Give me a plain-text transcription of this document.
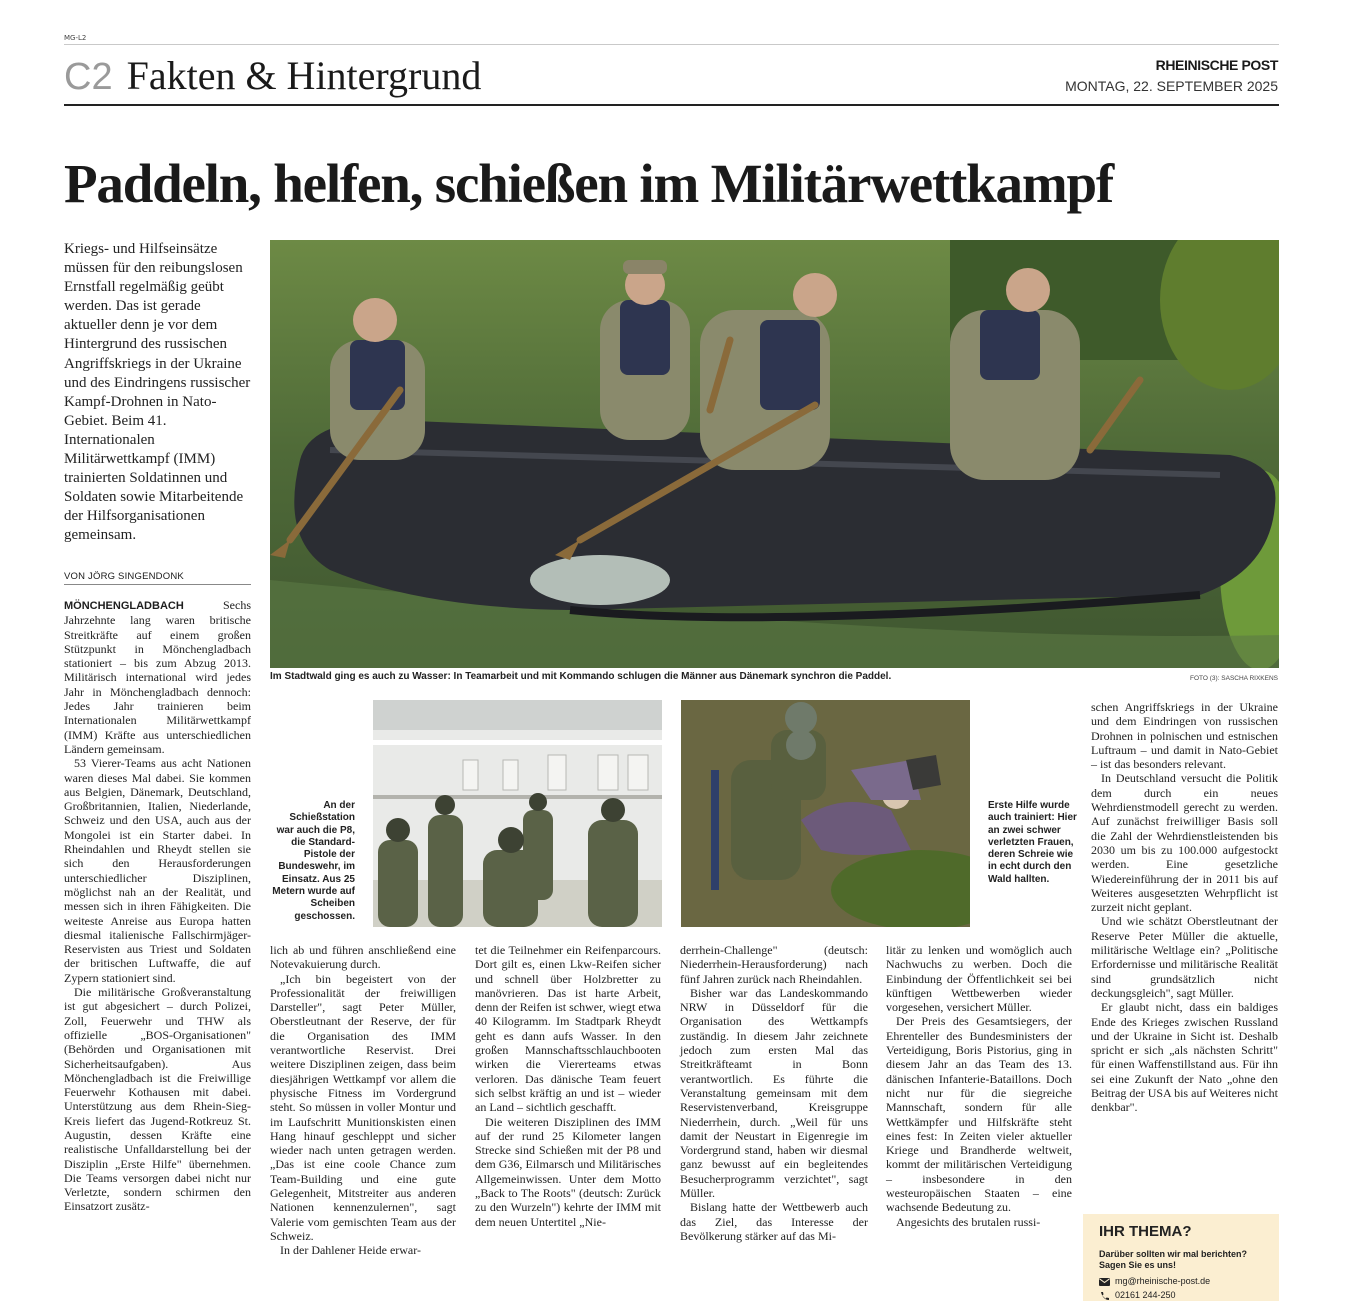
MG-L2
C2 Fakten & Hintergrund	RHEINISCHE POST
MONTAG, 22. SEPTEMBER 2025
Paddeln, helfen, schießen im Militärwettkampf
Kriegs- und Hilfseinsätze müssen für den reibungslosen Ernstfall regelmäßig geübt werden. Das ist gerade aktueller denn je vor dem Hintergrund des russischen Angriffskriegs in der Ukraine und des Eindringens russischer Kampf-Drohnen in Nato-Gebiet. Beim 41. Internationalen Militärwettkampf (IMM) trainierten Soldatinnen und Soldaten sowie Mitarbeitende der Hilfsorganisationen gemeinsam.
VON JÖRG SINGENDONK
Im Stadtwald ging es auch zu Wasser: In Teamarbeit und mit Kommando schlugen die Männer aus Dänemark synchron die Paddel.	FOTO (3): SASCHA RIXKENS
An der Schießstation war auch die P8, die Standard-Pistole der Bundeswehr, im Einsatz. Aus 25 Metern wurde auf Scheiben geschossen.
Erste Hilfe wurde auch trainiert: Hier an zwei schwer verletzten Frauen, deren Schreie wie in echt durch den Wald hallten.

MÖNCHENGLADBACH	Sechs Jahrzehnte lang waren britische Streitkräfte auf einem großen Stützpunkt in Mönchengladbach stationiert – bis zum Abzug 2013. Militärisch international wird jedes Jahr in Mönchengladbach dennoch: Jedes Jahr trainieren beim Internationalen Militärwettkampf (IMM) Kräfte aus unterschiedlichen Ländern gemeinsam.

53 Vierer-Teams aus acht Nationen waren dieses Mal dabei. Sie kommen aus Belgien, Dänemark, Deutschland, Großbritannien, Italien, Niederlande, Schweiz und den USA, auch aus der Mongolei ist ein Starter dabei. In Rheindahlen und Rheydt stellen sie sich den Herausforderungen unterschiedlicher Disziplinen, möglichst nah an der Realität, und messen sich in ihren Fähigkeiten. Die weiteste Anreise aus Europa hatten diesmal italienische Fallschirmjäger-Reservisten aus Triest und Soldaten der britischen Luftwaffe, die auf Zypern stationiert sind.

Die militärische Großveranstaltung ist gut abgesichert – durch Polizei, Zoll, Feuerwehr und THW als offizielle „BOS-Organisationen" (Behörden und Organisationen mit Sicherheitsaufgaben). Aus Mönchengladbach ist die Freiwillige Feuerwehr Kothausen mit dabei. Unterstützung aus dem Rhein-Sieg-Kreis liefert das Jugend-Rotkreuz St. Augustin, dessen Kräfte eine realistische Unfalldarstellung bei der Disziplin „Erste Hilfe" übernehmen. Die Teams versorgen dabei nicht nur Verletzte, sondern schirmen den Einsatzort zusätz-

lich ab und führen anschließend eine Notevakuierung durch.

„Ich bin begeistert von der Professionalität der freiwilligen Darsteller", sagt Peter Müller, Oberstleutnant der Reserve, der für die Organisation des IMM verantwortliche Reservist. Drei weitere Disziplinen zeigen, dass beim diesjährigen Wettkampf vor allem die physische Fitness im Vordergrund steht. So müssen in voller Montur und im Laufschritt Munitionskisten einen Hang hinauf geschleppt und sicher wieder nach unten getragen werden. „Das ist eine coole Chance zum Team-Building und eine gute Gelegenheit, Mitstreiter aus anderen Nationen kennenzulernen", sagt Valerie vom gemischten Team aus der Schweiz.

In der Dahlener Heide erwar-

tet die Teilnehmer ein Reifenparcours. Dort gilt es, einen Lkw-Reifen sicher und schnell über Holzbretter zu manövrieren. Das ist harte Arbeit, denn der Reifen ist schwer, wiegt etwa 40 Kilogramm. Im Stadtpark Rheydt geht es dann aufs Wasser. In den großen Mannschaftsschlauchbooten wirken die Viererteams etwas verloren. Das dänische Team feuert sich selbst kräftig an und ist – wieder an Land – sichtlich geschafft.

Die weiteren Disziplinen des IMM auf der rund 25 Kilometer langen Strecke sind Schießen mit der P8 und dem G36, Eilmarsch und Militärisches Allgemeinwissen. Unter dem Motto „Back to The Roots" (deutsch: Zurück zu den Wurzeln") kehrte der IMM mit dem neuen Untertitel „Nie-

derrhein-Challenge" (deutsch: Niederrhein-Herausforderung) nach fünf Jahren zurück nach Rheindahlen.

Bisher war das Landeskommando NRW in Düsseldorf für die Organisation des Wettkampfs zuständig. In diesem Jahr zeichnete jedoch zum ersten Mal das Streitkräfteamt in Bonn verantwortlich. Es führte die Veranstaltung gemeinsam mit dem Reservistenverband, Kreisgruppe Niederrhein, durch. „Weil für uns damit der Neustart in Eigenregie im Vordergrund stand, haben wir diesmal ganz bewusst auf ein begleitendes Besucherprogramm verzichtet", sagt Müller.

Bislang hatte der Wettbewerb auch das Ziel, das Interesse der Bevölkerung stärker auf das Mi-

litär zu lenken und womöglich auch Nachwuchs zu werben. Doch die Einbindung der Öffentlichkeit sei bei künftigen Wettbewerben wieder vorgesehen, versichert Müller.

Der Preis des Gesamtsiegers, der Ehrenteller des Bundesministers der Verteidigung, Boris Pistorius, ging in diesem Jahr an das Team des 13. dänischen Infanterie-Bataillons. Doch nicht nur für die siegreiche Mannschaft, sondern für alle Wettkämpfer und Hilfskräfte steht eines fest: In Zeiten vieler aktueller Kriege und Brandherde weltweit, kommt der militärischen Verteidigung – insbesondere in den westeuropäischen Staaten – eine wachsende Bedeutung zu.

Angesichts des brutalen russi-

schen Angriffskriegs in der Ukraine und dem Eindringen von russischen Drohnen in polnischen und estnischen Luftraum – und damit in Nato-Gebiet – ist das besonders relevant.

In Deutschland versucht die Politik dem durch ein neues Wehrdienstmodell gerecht zu werden. Auf zunächst freiwilliger Basis soll die Zahl der Wehrdienstleistenden bis 2030 um bis zu 100.000 aufgestockt werden. Eine gesetzliche Wiedereinführung der in 2011 bis auf Weiteres ausgesetzten Wehrpflicht ist zurzeit nicht geplant.

Und wie schätzt Oberstleutnant der Reserve Peter Müller die aktuelle, militärische Weltlage ein? „Politische Erfordernisse und militärische Realität sind grundsätzlich nicht deckungsgleich", sagt Müller.

Er glaubt nicht, dass ein baldiges Ende des Krieges zwischen Russland und der Ukraine in Sicht ist. Deshalb spricht er sich „als nächsten Schritt" für einen Waffenstillstand aus. Für ihn sei eine Zukunft der Nato „ohne den Beitrag der USA bis auf Weiteres nicht denkbar".

IHR THEMA?
Darüber sollten wir mal berichten? Sagen Sie es uns!
mg@rheinische-post.de
02161 244-250
